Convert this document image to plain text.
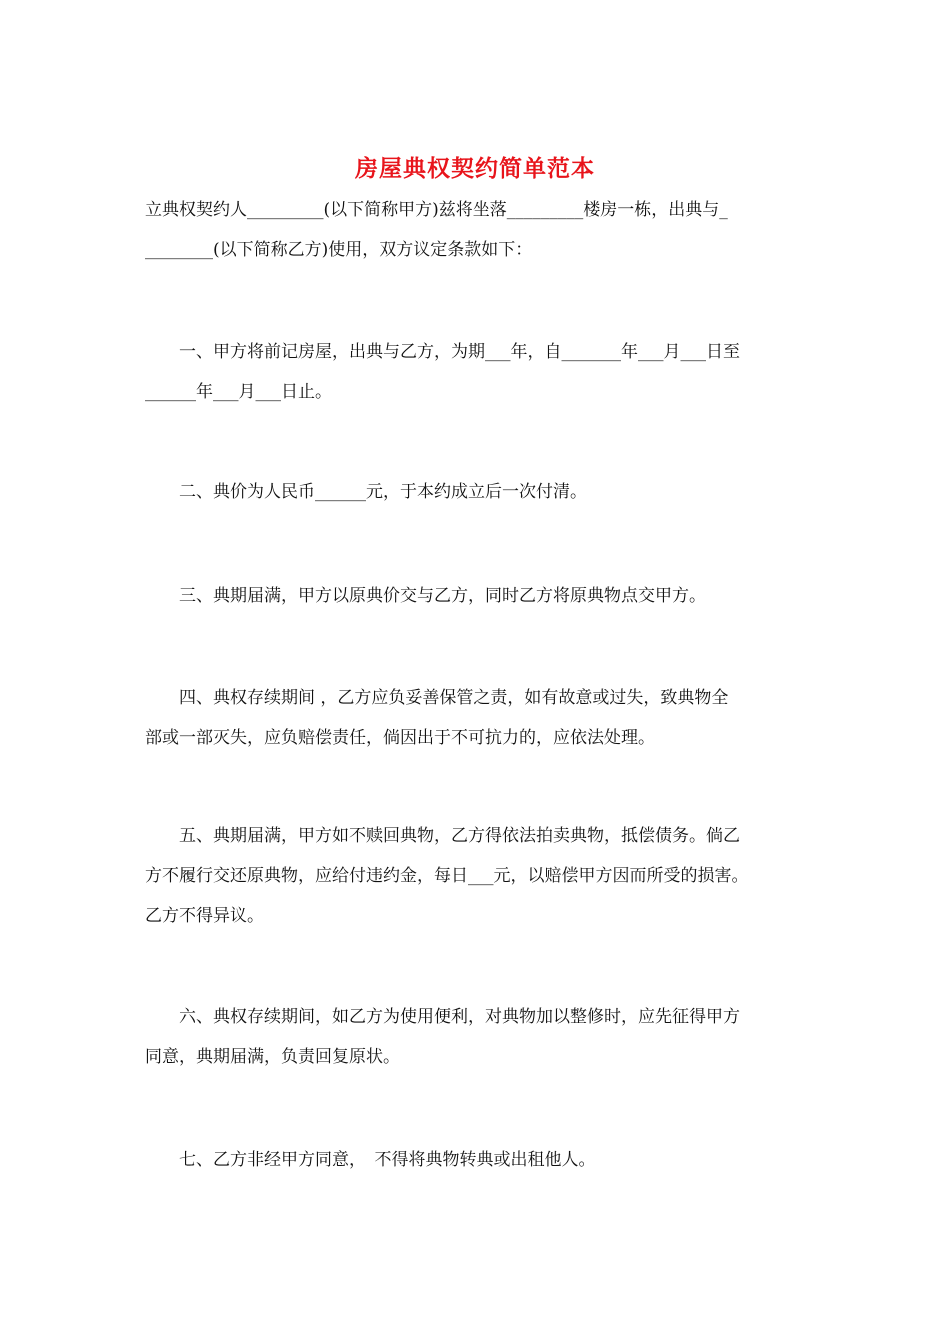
房屋典权契约简单范本

立典权契约人_________(以下简称甲方)兹将坐落_________楼房一栋，出典与_
________(以下简称乙方)使用，双方议定条款如下：

　　一、甲方将前记房屋，出典与乙方，为期___年，自_______年___月___日至
______年___月___日止。

　　二、典价为人民币______元，于本约成立后一次付清。

　　三、典期届满，甲方以原典价交与乙方，同时乙方将原典物点交甲方。

　　四、典权存续期间 ，乙方应负妥善保管之责，如有故意或过失，致典物全
部或一部灭失，应负赔偿责任，倘因出于不可抗力的，应依法处理。

　　五、典期届满，甲方如不赎回典物，乙方得依法拍卖典物，抵偿债务。倘乙
方不履行交还原典物，应给付违约金，每日___元，以赔偿甲方因而所受的损害。
乙方不得异议。

　　六、典权存续期间，如乙方为使用便利，对典物加以整修时，应先征得甲方
同意，典期届满，负责回复原状。

　　七、乙方非经甲方同意，　不得将典物转典或出租他人。
